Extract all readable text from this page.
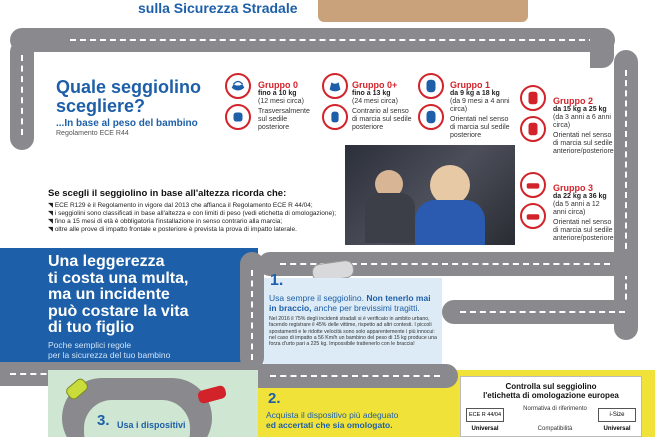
sulla Sicurezza Stradale
Quale seggiolino
scegliere?
...In base al peso del bambino
Regolamento ECE R44
Gruppo 0
fino a 10 kg
(12 mesi circa)
Trasversalmente sul sedile posteriore
Gruppo 0+
fino a 13 kg
(24 mesi circa)
Contrario al senso di marcia sul sedile posteriore
Gruppo 1
da 9 kg a 18 kg
(da 9 mesi a 4 anni circa)
Orientati nel senso di marcia sul sedile posteriore
Gruppo 2
da 15 kg a 25 kg
(da 3 anni a 6 anni circa)
Orientati nel senso di marcia sul sedile anteriore/posteriore
Gruppo 3
da 22 kg a 36 kg
(da 5 anni a 12 anni circa)
Orientati nel senso di marcia sul sedile anteriore/posteriore
Se scegli il seggiolino in base all'altezza ricorda che:
◥ ECE R129 è il Regolamento in vigore dal 2013 che affianca il Regolamento ECE R 44/04;
◥ i seggiolini sono classificati in base all'altezza e con limiti di peso (vedi etichetta di omologazione);
◥ fino a 15 mesi di età è obbligatoria l'installazione in senso contrario alla marcia;
◥ oltre alle prove di impatto frontale e posteriore è prevista la prova di impatto laterale.
Una leggerezza
ti costa una multa,
ma un incidente
può costare la vita
di tuo figlio
Poche semplici regole
per la sicurezza del tuo bambino
1.
Usa sempre il seggiolino. Non tenerlo mai in braccio, anche per brevissimi tragitti.
Nel 2016 il 75% degli incidenti stradali si è verificato in ambito urbano, facendo registrare il 45% delle vittime, rispetto ad altri contesti. I piccoli spostamenti e le ridotte velocità sono solo apparentemente i più innocui: nel caso di impatto a 56 Km/h un bambino del peso di 15 kg produce una forza d'urto pari a 225 kg. Impossibile trattenerlo con le braccia!
3. Usa i dispositivi
2.
Acquista il dispositivo più adeguato
ed accertati che sia omologato.
Controlla sul seggiolino
l'etichetta di omologazione europea
ECE R 44/04
Normativa di riferimento
i-Size
Universal	Compatibilità	Universal
